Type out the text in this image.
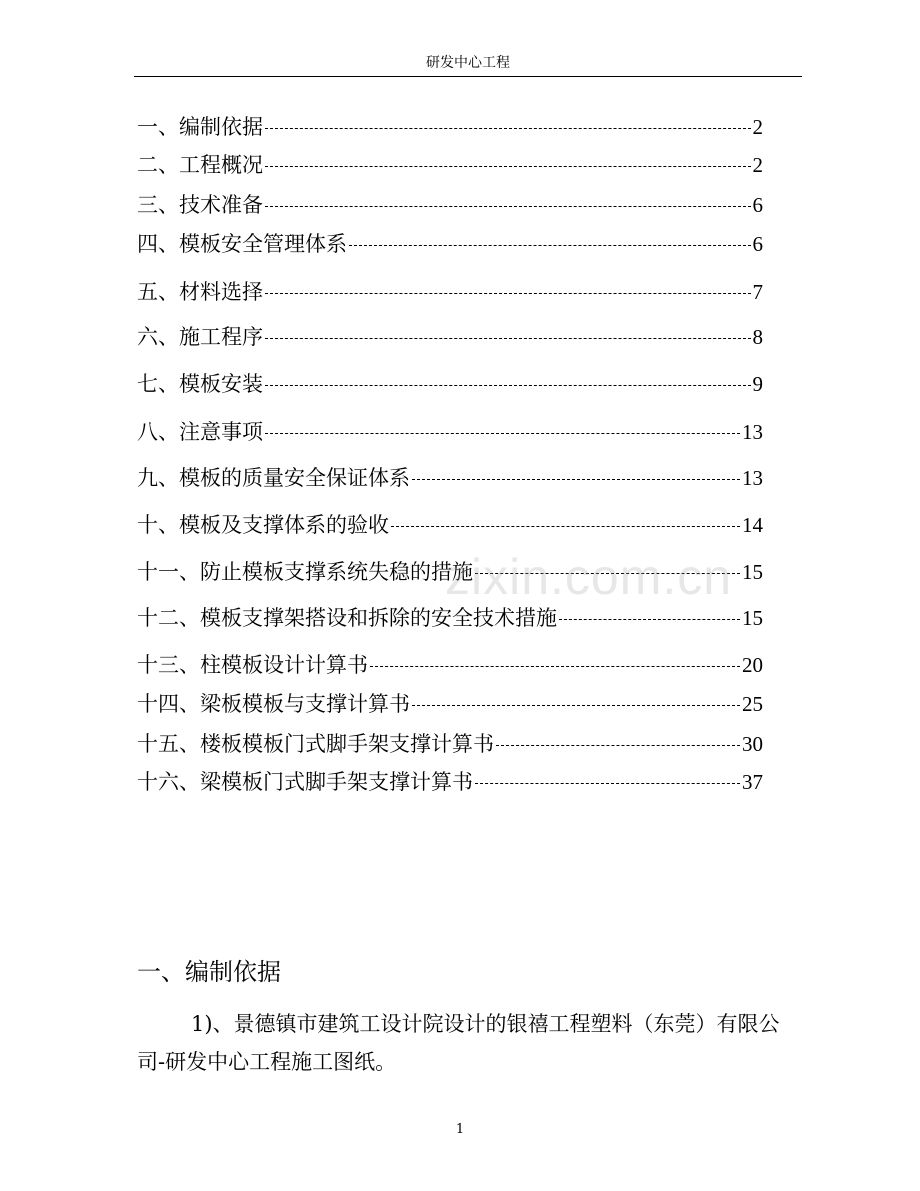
研发中心工程
一、编制依据	2
二、工程概况	2
三、技术准备	6
四、模板安全管理体系	6
五、材料选择	7
六、施工程序	8
七、模板安装	9
八、注意事项	13
九、模板的质量安全保证体系	13
十、模板及支撑体系的验收	14
十一、防止模板支撑系统失稳的措施	15
十二、模板支撑架搭设和拆除的安全技术措施	15
十三、柱模板设计计算书	20
十四、梁板模板与支撑计算书	25
十五、楼板模板门式脚手架支撑计算书	30
十六、梁模板门式脚手架支撑计算书	37
zixin.com.cn
一、编制依据
1)、景德镇市建筑工设计院设计的银禧工程塑料（东莞）有限公司-研发中心工程施工图纸。
1
